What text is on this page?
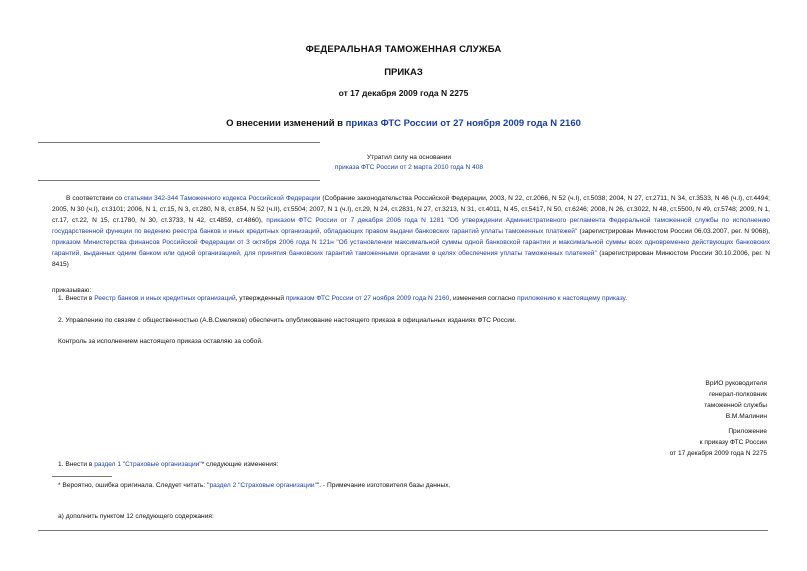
ФЕДЕРАЛЬНАЯ ТАМОЖЕННАЯ СЛУЖБА
ПРИКАЗ
от 17 декабря 2009 года N 2275
О внесении изменений в приказ ФТС России от 27 ноября 2009 года N 2160
Утратил силу на основании
приказа ФТС России от 2 марта 2010 года N 408
В соответствии со статьями 342-344 Таможенного кодекса Российской Федерации (Собрание законодательства Российской Федерации, 2003, N 22, ст.2066, N 52 (ч.I), ст.5038; 2004, N 27, ст.2711, N 34, ст.3533, N 46 (ч.I), ст.4494; 2005, N 30 (ч.I), ст.3101; 2006, N 1, ст.15, N 3, ст.280, N 8, ст.854, N 52 (ч.II), ст.5504; 2007, N 1 (ч.I), ст.29, N 24, ст.2831, N 27, ст.3213, N 31, ст.4011, N 45, ст.5417, N 50, ст.6246; 2008, N 26, ст.3022, N 48, ст.5500, N 49, ст.5748; 2009, N 1, ст.17, ст.22, N 15, ст.1780, N 30, ст.3733, N 42, ст.4859, ст.4860), приказом ФТС России от 7 декабря 2006 года N 1281 "Об утверждении Административного регламента Федеральной таможенной службы по исполнению государственной функции по ведению реестра банков и иных кредитных организаций, обладающих правом выдачи банковских гарантий уплаты таможенных платежей" (зарегистрирован Минюстом России 06.03.2007, рег. N 9068), приказом Министерства финансов Российской Федерации от 3 октября 2006 года N 121н "Об установлении максимальной суммы одной банковской гарантии и максимальной суммы всех одновременно действующих банковских гарантий, выданных одним банком или одной организацией, для принятия банковских гарантий таможенными органами в целях обеспечения уплаты таможенных платежей" (зарегистрирован Минюстом России 30.10.2006, рег. N 8415)
приказываю:
1. Внести в Реестр банков и иных кредитных организаций, утвержденный приказом ФТС России от 27 ноября 2009 года N 2160, изменения согласно приложению к настоящему приказу.
2. Управлению по связям с общественностью (А.В.Смеляков) обеспечить опубликование настоящего приказа в официальных изданиях ФТС России.
Контроль за исполнением настоящего приказа оставляю за собой.
ВрИО руководителя
генерал-полковник
таможенной службы
В.М.Малинин
Приложение
к приказу ФТС России
от 17 декабря 2009 года N 2275
1. Внести в раздел 1 "Страховые организации"* следующие изменения:
* Вероятно, ошибка оригинала. Следует читать: "раздел 2 "Страховые организации"". - Примечание изготовителя базы данных.
а) дополнить пунктом 12 следующего содержания:
